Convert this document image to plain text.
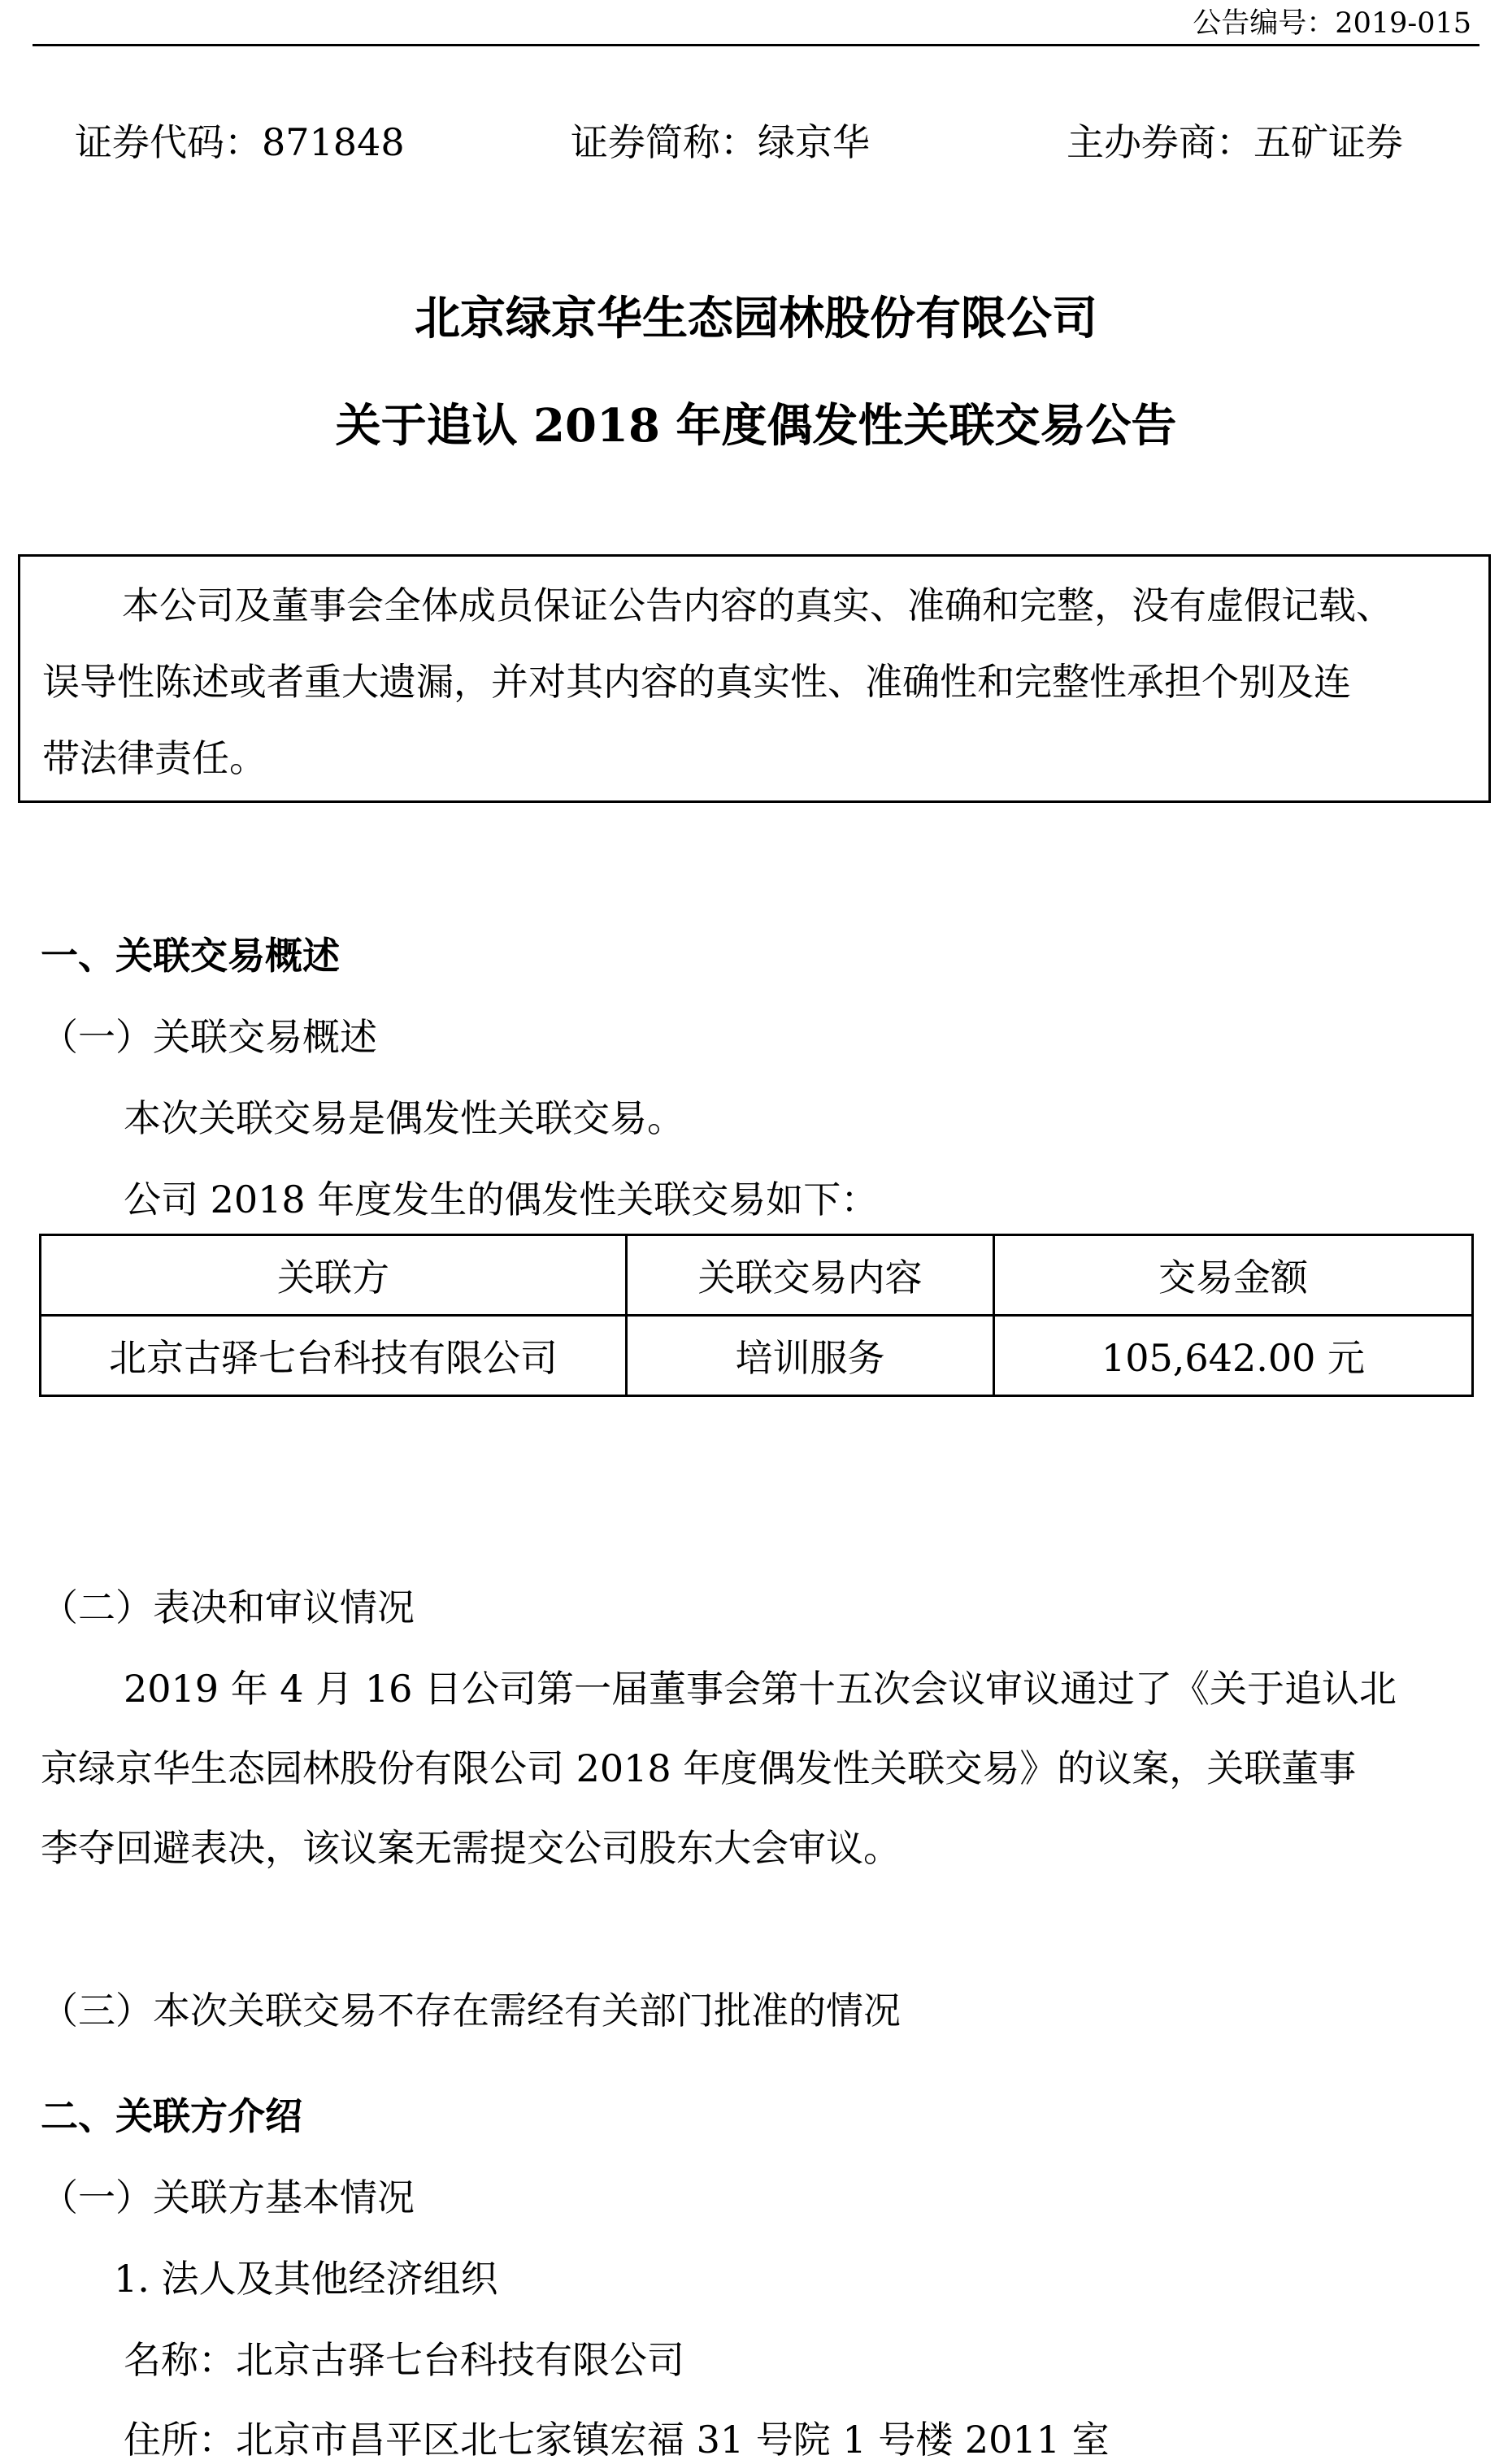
公告编号：2019-015
证券代码：871848	证券简称：绿京华	主办券商：五矿证券
北京绿京华生态园林股份有限公司
关于追认 2018 年度偶发性关联交易公告
本公司及董事会全体成员保证公告内容的真实、准确和完整，没有虚假记载、
误导性陈述或者重大遗漏，并对其内容的真实性、准确性和完整性承担个别及连
带法律责任。
一、关联交易概述
（一）关联交易概述
本次关联交易是偶发性关联交易。
公司 2018 年度发生的偶发性关联交易如下：
关联方	关联交易内容	交易金额
北京古驿七台科技有限公司	培训服务	105,642.00 元
（二）表决和审议情况
2019 年 4 月 16 日公司第一届董事会第十五次会议审议通过了《关于追认北
京绿京华生态园林股份有限公司 2018 年度偶发性关联交易》的议案，关联董事
李夺回避表决，该议案无需提交公司股东大会审议。
（三）本次关联交易不存在需经有关部门批准的情况
二、关联方介绍
（一）关联方基本情况
1. 法人及其他经济组织
名称：北京古驿七台科技有限公司
住所：北京市昌平区北七家镇宏福 31 号院 1 号楼 2011 室
